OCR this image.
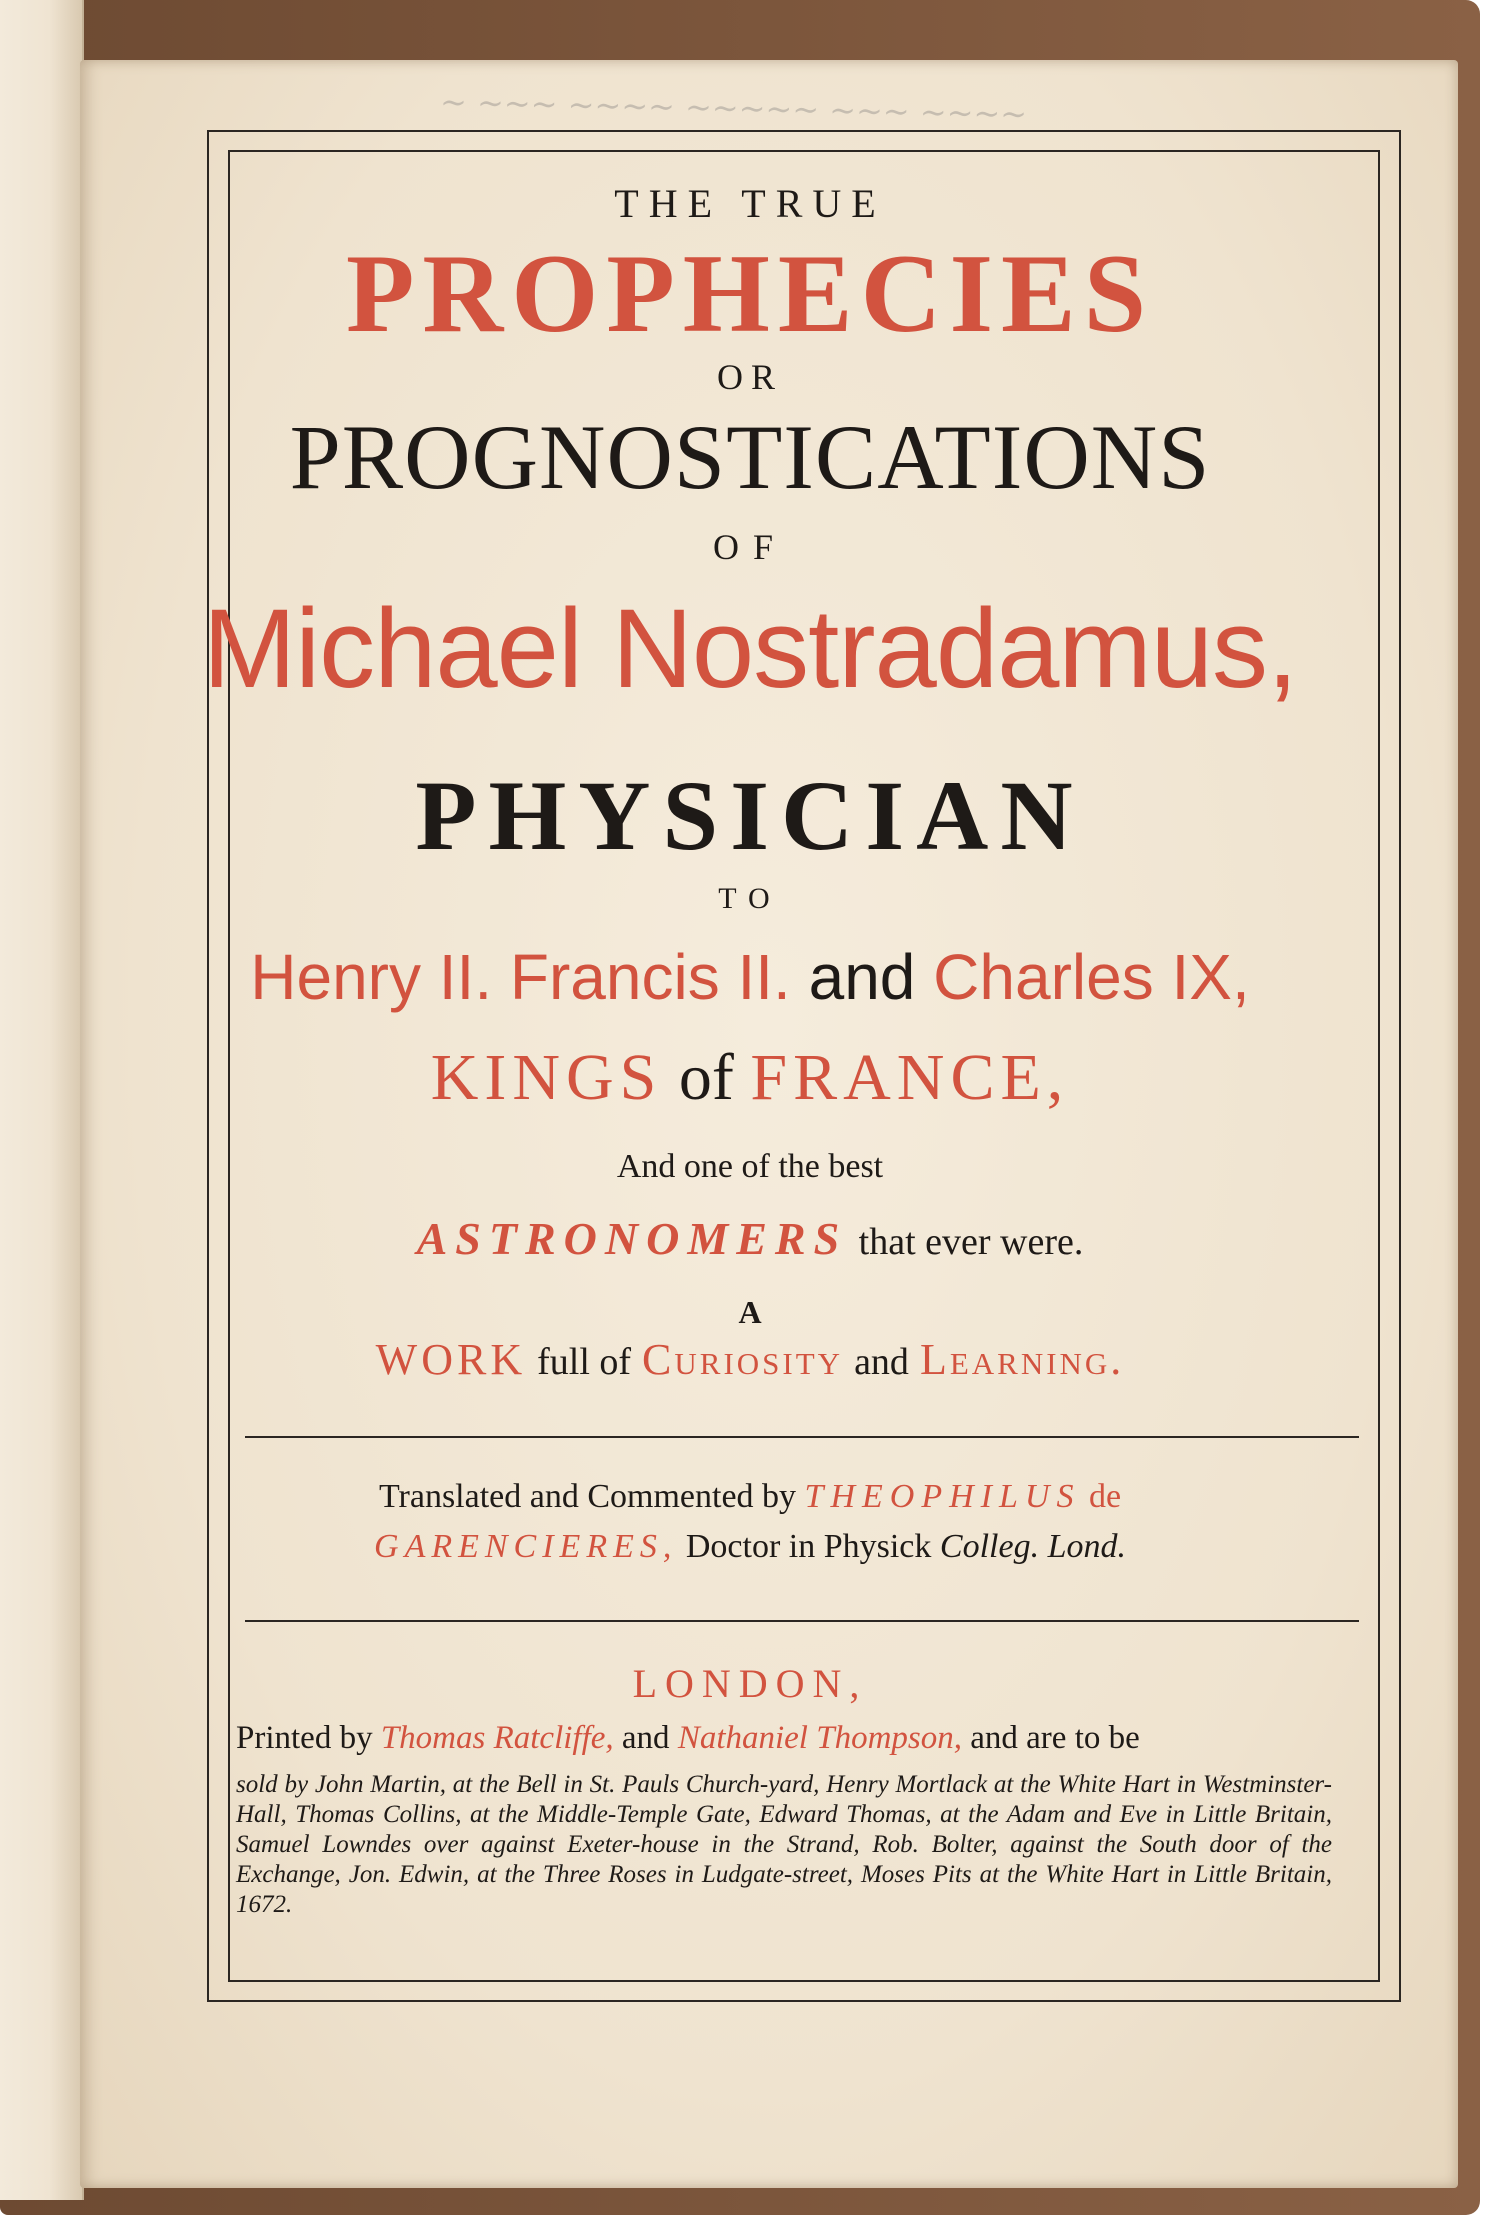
~ ~~~ ~~~~ ~~~~~ ~~~ ~~~~
THE TRUE
PROPHECIES
OR
PROGNOSTICATIONS
OF
Michael Nostradamus,
PHYSICIAN
TO
Henry II. Francis II. and Charles IX,
KINGS of FRANCE,
And one of the best
ASTRONOMERS that ever were.
A
WORK full of Curiosity and Learning.
Translated and Commented by THEOPHILUS de
GARENCIERES, Doctor in Physick Colleg. Lond.
LONDON,
Printed by Thomas Ratcliffe, and Nathaniel Thompson, and are to be
sold by John Martin, at the Bell in St. Pauls Church-yard, Henry Mortlack at the White Hart in Westminster-Hall, Thomas Collins, at the Middle-Temple Gate, Edward Thomas, at the Adam and Eve in Little Britain, Samuel Lowndes over against Exeter-house in the Strand, Rob. Bolter, against the South door of the Exchange, Jon. Edwin, at the Three Roses in Ludgate-street, Moses Pits at the White Hart in Little Britain, 1672.
